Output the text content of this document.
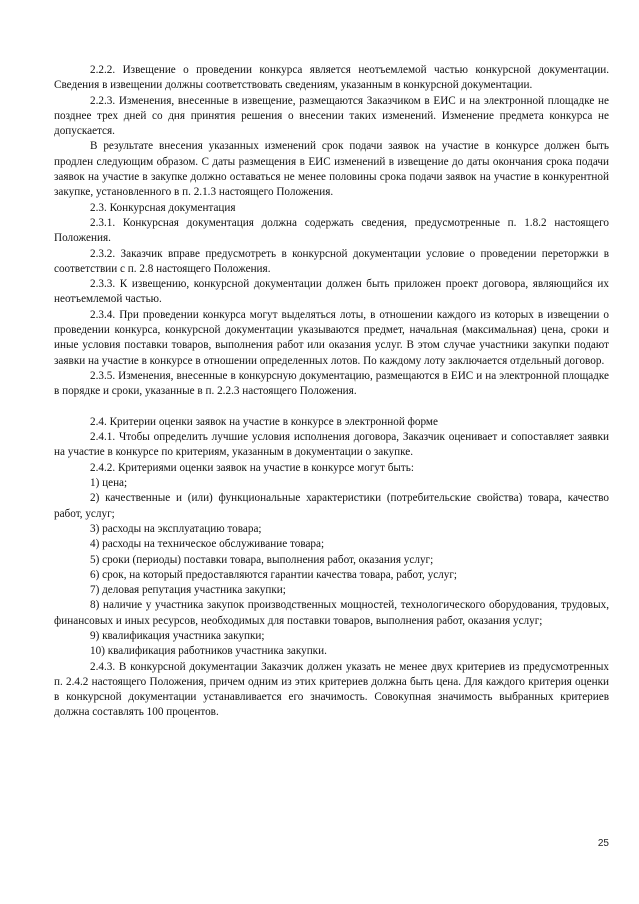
2.2.2. Извещение о проведении конкурса является неотъемлемой частью конкурсной документации. Сведения в извещении должны соответствовать сведениям, указанным в конкурсной документации.

2.2.3. Изменения, внесенные в извещение, размещаются Заказчиком в ЕИС и на электронной площадке не позднее трех дней со дня принятия решения о внесении таких изменений. Изменение предмета конкурса не допускается.

В результате внесения указанных изменений срок подачи заявок на участие в конкурсе должен быть продлен следующим образом. С даты размещения в ЕИС изменений в извещение до даты окончания срока подачи заявок на участие в закупке должно оставаться не менее половины срока подачи заявок на участие в конкурентной закупке, установленного в п. 2.1.3 настоящего Положения.

2.3. Конкурсная документация

2.3.1. Конкурсная документация должна содержать сведения, предусмотренные п. 1.8.2 настоящего Положения.

2.3.2. Заказчик вправе предусмотреть в конкурсной документации условие о проведении переторжки в соответствии с п. 2.8 настоящего Положения.

2.3.3. К извещению, конкурсной документации должен быть приложен проект договора, являющийся их неотъемлемой частью.

2.3.4. При проведении конкурса могут выделяться лоты, в отношении каждого из которых в извещении о проведении конкурса, конкурсной документации указываются предмет, начальная (максимальная) цена, сроки и иные условия поставки товаров, выполнения работ или оказания услуг. В этом случае участники закупки подают заявки на участие в конкурсе в отношении определенных лотов. По каждому лоту заключается отдельный договор.

2.3.5. Изменения, внесенные в конкурсную документацию, размещаются в ЕИС и на электронной площадке в порядке и сроки, указанные в п. 2.2.3 настоящего Положения.

2.4. Критерии оценки заявок на участие в конкурсе в электронной форме

2.4.1. Чтобы определить лучшие условия исполнения договора, Заказчик оценивает и сопоставляет заявки на участие в конкурсе по критериям, указанным в документации о закупке.

2.4.2. Критериями оценки заявок на участие в конкурсе могут быть:

1) цена;

2) качественные и (или) функциональные характеристики (потребительские свойства) товара, качество работ, услуг;

3) расходы на эксплуатацию товара;

4) расходы на техническое обслуживание товара;

5) сроки (периоды) поставки товара, выполнения работ, оказания услуг;

6) срок, на который предоставляются гарантии качества товара, работ, услуг;

7) деловая репутация участника закупки;

8) наличие у участника закупок производственных мощностей, технологического оборудования, трудовых, финансовых и иных ресурсов, необходимых для поставки товаров, выполнения работ, оказания услуг;

9) квалификация участника закупки;

10) квалификация работников участника закупки.

2.4.3. В конкурсной документации Заказчик должен указать не менее двух критериев из предусмотренных п. 2.4.2 настоящего Положения, причем одним из этих критериев должна быть цена. Для каждого критерия оценки в конкурсной документации устанавливается его значимость. Совокупная значимость выбранных критериев должна составлять 100 процентов.

25
